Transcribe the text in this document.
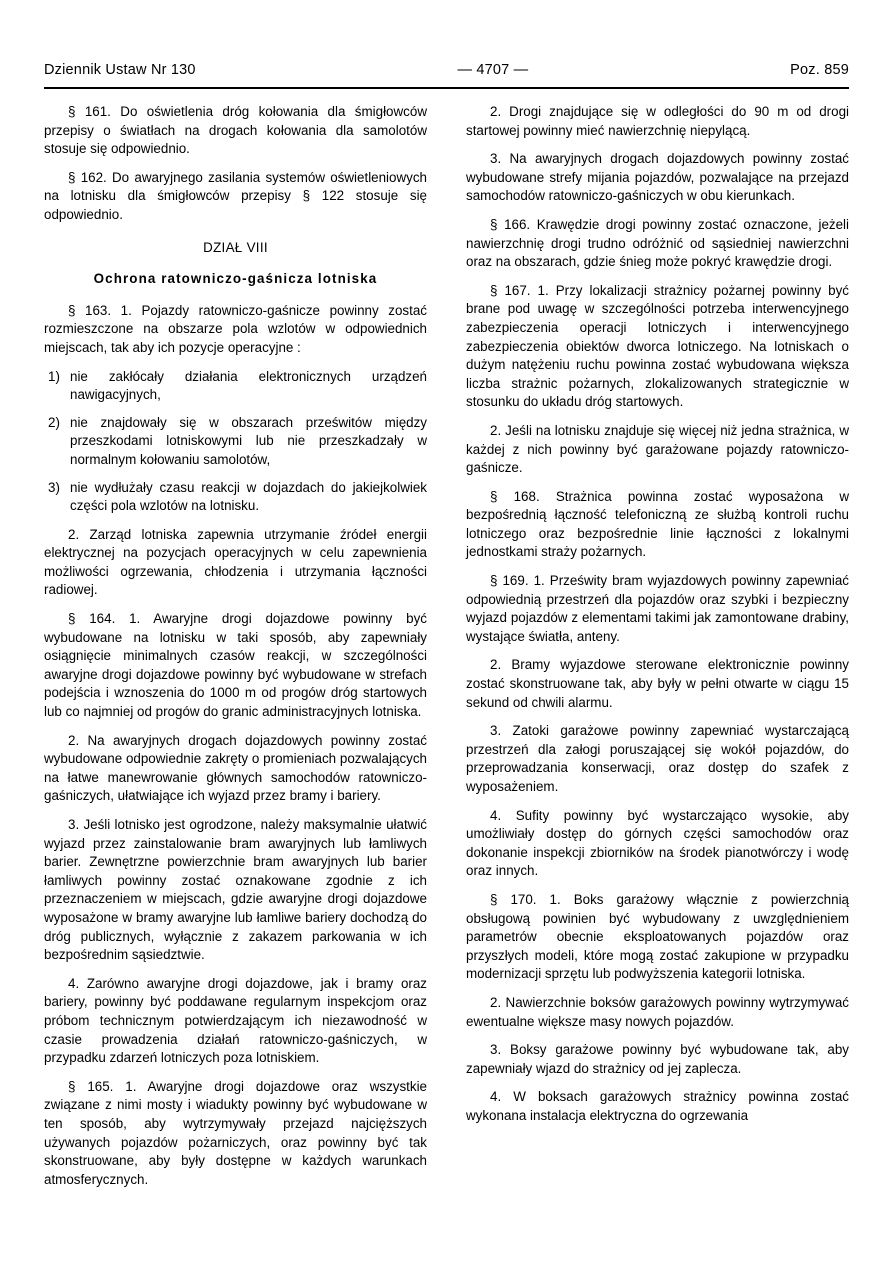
Dziennik Ustaw Nr 130	— 4707 —	Poz. 859

§ 161. Do oświetlenia dróg kołowania dla śmigłowców przepisy o światłach na drogach kołowania dla samolotów stosuje się odpowiednio.

§ 162. Do awaryjnego zasilania systemów oświetleniowych na lotnisku dla śmigłowców przepisy § 122 stosuje się odpowiednio.

DZIAŁ VIII

Ochrona ratowniczo-gaśnicza lotniska

§ 163. 1. Pojazdy ratowniczo-gaśnicze powinny zostać rozmieszczone na obszarze pola wzlotów w odpowiednich miejscach, tak aby ich pozycje operacyjne :

1) nie zakłócały działania elektronicznych urządzeń nawigacyjnych,
2) nie znajdowały się w obszarach prześwitów między przeszkodami lotniskowymi lub nie przeszkadzały w normalnym kołowaniu samolotów,
3) nie wydłużały czasu reakcji w dojazdach do jakiejkolwiek części pola wzlotów na lotnisku.

2. Zarząd lotniska zapewnia utrzymanie źródeł energii elektrycznej na pozycjach operacyjnych w celu zapewnienia możliwości ogrzewania, chłodzenia i utrzymania łączności radiowej.

§ 164. 1. Awaryjne drogi dojazdowe powinny być wybudowane na lotnisku w taki sposób, aby zapewniały osiągnięcie minimalnych czasów reakcji, w szczególności awaryjne drogi dojazdowe powinny być wybudowane w strefach podejścia i wznoszenia do 1000 m od progów dróg startowych lub co najmniej od progów do granic administracyjnych lotniska.

2. Na awaryjnych drogach dojazdowych powinny zostać wybudowane odpowiednie zakręty o promieniach pozwalających na łatwe manewrowanie głównych samochodów ratowniczo-gaśniczych, ułatwiające ich wyjazd przez bramy i bariery.

3. Jeśli lotnisko jest ogrodzone, należy maksymalnie ułatwić wyjazd przez zainstalowanie bram awaryjnych lub łamliwych barier. Zewnętrzne powierzchnie bram awaryjnych lub barier łamliwych powinny zostać oznakowane zgodnie z ich przeznaczeniem w miejscach, gdzie awaryjne drogi dojazdowe wyposażone w bramy awaryjne lub łamliwe bariery dochodzą do dróg publicznych, wyłącznie z zakazem parkowania w ich bezpośrednim sąsiedztwie.

4. Zarówno awaryjne drogi dojazdowe, jak i bramy oraz bariery, powinny być poddawane regularnym inspekcjom oraz próbom technicznym potwierdzającym ich niezawodność w czasie prowadzenia działań ratowniczo-gaśniczych, w przypadku zdarzeń lotniczych poza lotniskiem.

§ 165. 1. Awaryjne drogi dojazdowe oraz wszystkie związane z nimi mosty i wiadukty powinny być wybudowane w ten sposób, aby wytrzymywały przejazd najcięższych używanych pojazdów pożarniczych, oraz powinny być tak skonstruowane, aby były dostępne w każdych warunkach atmosferycznych.

2. Drogi znajdujące się w odległości do 90 m od drogi startowej powinny mieć nawierzchnię niepylącą.

3. Na awaryjnych drogach dojazdowych powinny zostać wybudowane strefy mijania pojazdów, pozwalające na przejazd samochodów ratowniczo-gaśniczych w obu kierunkach.

§ 166. Krawędzie drogi powinny zostać oznaczone, jeżeli nawierzchnię drogi trudno odróżnić od sąsiedniej nawierzchni oraz na obszarach, gdzie śnieg może pokryć krawędzie drogi.

§ 167. 1. Przy lokalizacji strażnicy pożarnej powinny być brane pod uwagę w szczególności potrzeba interwencyjnego zabezpieczenia operacji lotniczych i interwencyjnego zabezpieczenia obiektów dworca lotniczego. Na lotniskach o dużym natężeniu ruchu powinna zostać wybudowana większa liczba strażnic pożarnych, zlokalizowanych strategicznie w stosunku do układu dróg startowych.

2. Jeśli na lotnisku znajduje się więcej niż jedna strażnica, w każdej z nich powinny być garażowane pojazdy ratowniczo-gaśnicze.

§ 168. Strażnica powinna zostać wyposażona w bezpośrednią łączność telefoniczną ze służbą kontroli ruchu lotniczego oraz bezpośrednie linie łączności z lokalnymi jednostkami straży pożarnych.

§ 169. 1. Prześwity bram wyjazdowych powinny zapewniać odpowiednią przestrzeń dla pojazdów oraz szybki i bezpieczny wyjazd pojazdów z elementami takimi jak zamontowane drabiny, wystające światła, anteny.

2. Bramy wyjazdowe sterowane elektronicznie powinny zostać skonstruowane tak, aby były w pełni otwarte w ciągu 15 sekund od chwili alarmu.

3. Zatoki garażowe powinny zapewniać wystarczającą przestrzeń dla załogi poruszającej się wokół pojazdów, do przeprowadzania konserwacji, oraz dostęp do szafek z wyposażeniem.

4. Sufity powinny być wystarczająco wysokie, aby umożliwiały dostęp do górnych części samochodów oraz dokonanie inspekcji zbiorników na środek pianotwórczy i wodę oraz innych.

§ 170. 1. Boks garażowy włącznie z powierzchnią obsługową powinien być wybudowany z uwzględnieniem parametrów obecnie eksploatowanych pojazdów oraz przyszłych modeli, które mogą zostać zakupione w przypadku modernizacji sprzętu lub podwyższenia kategorii lotniska.

2. Nawierzchnie boksów garażowych powinny wytrzymywać ewentualne większe masy nowych pojazdów.

3. Boksy garażowe powinny być wybudowane tak, aby zapewniały wjazd do strażnicy od jej zaplecza.

4. W boksach garażowych strażnicy powinna zostać wykonana instalacja elektryczna do ogrzewania
